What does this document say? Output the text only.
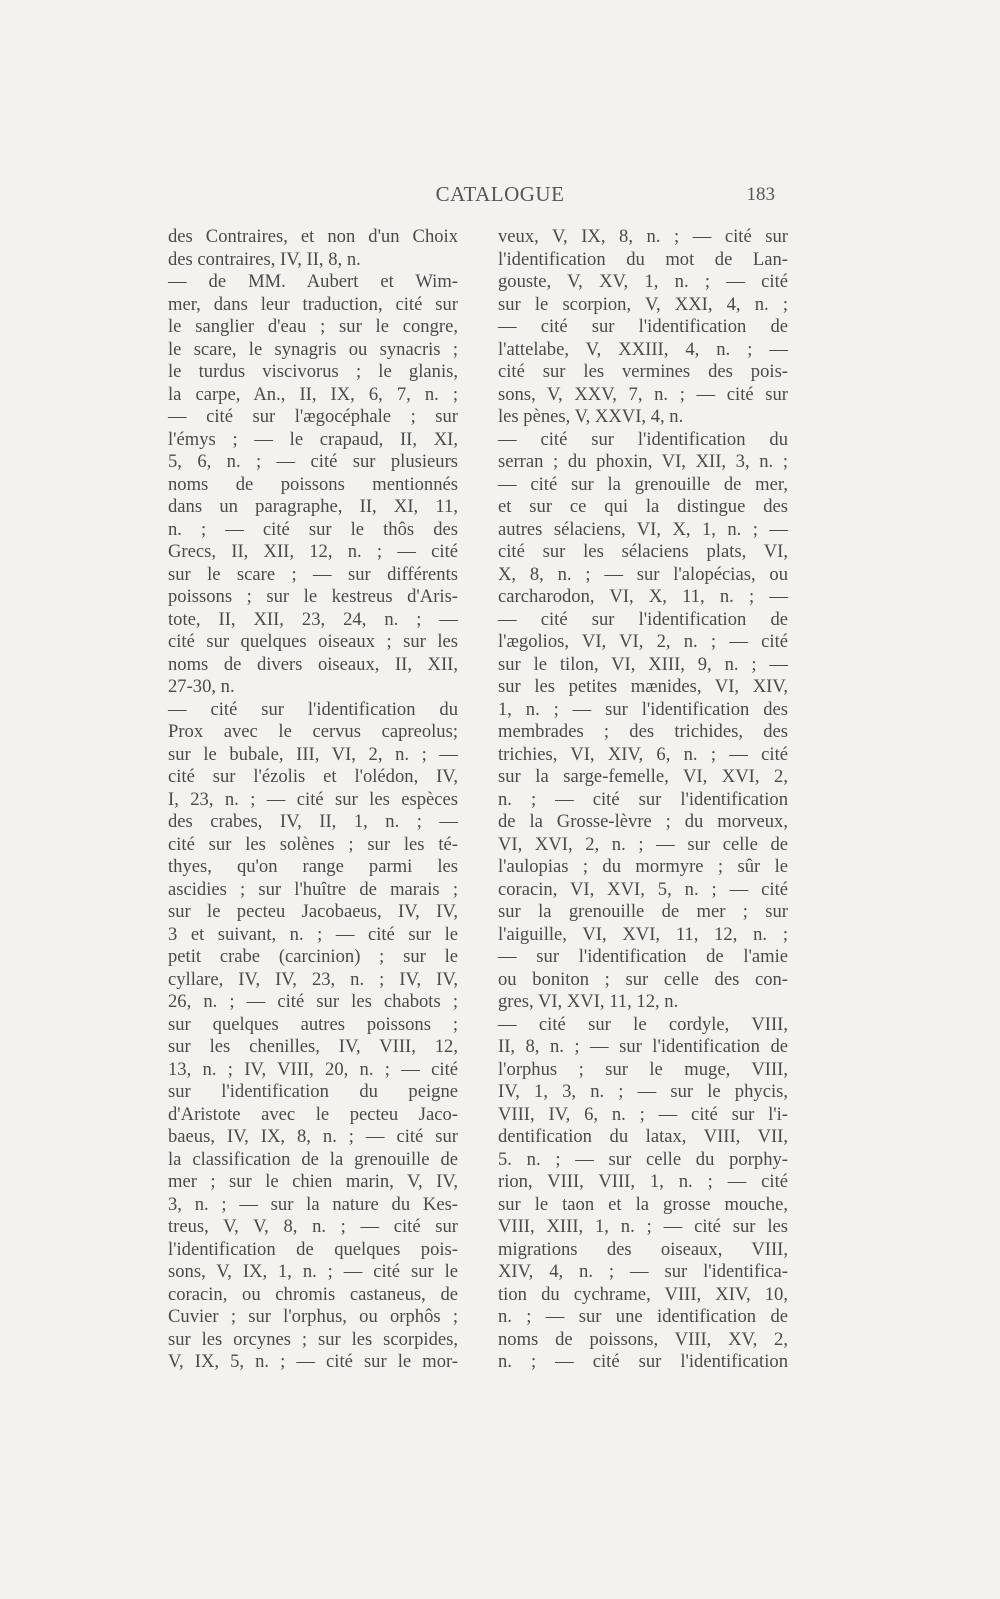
CATALOGUE	183
des Contraires, et non d'un Choix
des contraires, IV, II, 8, n.
— de MM. Aubert et Wim-
mer, dans leur traduction, cité sur
le sanglier d'eau ; sur le congre,
le scare, le synagris ou synacris ;
le turdus viscivorus ; le glanis,
la carpe, An., II, IX, 6, 7, n. ;
— cité sur l'ægocéphale ; sur
l'émys ; — le crapaud, II, XI,
5, 6, n. ; — cité sur plusieurs
noms de poissons mentionnés
dans un paragraphe, II, XI, 11,
n. ; — cité sur le thôs des
Grecs, II, XII, 12, n. ; — cité
sur le scare ; — sur différents
poissons ; sur le kestreus d'Aris-
tote, II, XII, 23, 24, n. ; —
cité sur quelques oiseaux ; sur les
noms de divers oiseaux, II, XII,
27-30, n.
— cité sur l'identification du
Prox avec le cervus capreolus;
sur le bubale, III, VI, 2, n. ; —
cité sur l'ézolis et l'olédon, IV,
I, 23, n. ; — cité sur les espèces
des crabes, IV, II, 1, n. ; —
cité sur les solènes ; sur les té-
thyes, qu'on range parmi les
ascidies ; sur l'huître de marais ;
sur le pecteu Jacobaeus, IV, IV,
3 et suivant, n. ; — cité sur le
petit crabe (carcinion) ; sur le
cyllare, IV, IV, 23, n. ; IV, IV,
26, n. ; — cité sur les chabots ;
sur quelques autres poissons ;
sur les chenilles, IV, VIII, 12,
13, n. ; IV, VIII, 20, n. ; — cité
sur l'identification du peigne
d'Aristote avec le pecteu Jaco-
baeus, IV, IX, 8, n. ; — cité sur
la classification de la grenouille de
mer ; sur le chien marin, V, IV,
3, n. ; — sur la nature du Kes-
treus, V, V, 8, n. ; — cité sur
l'identification de quelques pois-
sons, V, IX, 1, n. ; — cité sur le
coracin, ou chromis castaneus, de
Cuvier ; sur l'orphus, ou orphôs ;
sur les orcynes ; sur les scorpides,
V, IX, 5, n. ; — cité sur le mor-
veux, V, IX, 8, n. ; — cité sur
l'identification du mot de Lan-
gouste, V, XV, 1, n. ; — cité
sur le scorpion, V, XXI, 4, n. ;
— cité sur l'identification de
l'attelabe, V, XXIII, 4, n. ; —
cité sur les vermines des pois-
sons, V, XXV, 7, n. ; — cité sur
les pènes, V, XXVI, 4, n.
— cité sur l'identification du
serran ; du phoxin, VI, XII, 3, n. ;
— cité sur la grenouille de mer,
et sur ce qui la distingue des
autres sélaciens, VI, X, 1, n. ; —
cité sur les sélaciens plats, VI,
X, 8, n. ; — sur l'alopécias, ou
carcharodon, VI, X, 11, n. ; —
— cité sur l'identification de
l'ægolios, VI, VI, 2, n. ; — cité
sur le tilon, VI, XIII, 9, n. ; —
sur les petites mænides, VI, XIV,
1, n. ; — sur l'identification des
membrades ; des trichides, des
trichies, VI, XIV, 6, n. ; — cité
sur la sarge-femelle, VI, XVI, 2,
n. ; — cité sur l'identification
de la Grosse-lèvre ; du morveux,
VI, XVI, 2, n. ; — sur celle de
l'aulopias ; du mormyre ; sûr le
coracin, VI, XVI, 5, n. ; — cité
sur la grenouille de mer ; sur
l'aiguille, VI, XVI, 11, 12, n. ;
— sur l'identification de l'amie
ou boniton ; sur celle des con-
gres, VI, XVI, 11, 12, n.
— cité sur le cordyle, VIII,
II, 8, n. ; — sur l'identification de
l'orphus ; sur le muge, VIII,
IV, 1, 3, n. ; — sur le phycis,
VIII, IV, 6, n. ; — cité sur l'i-
dentification du latax, VIII, VII,
5. n. ; — sur celle du porphy-
rion, VIII, VIII, 1, n. ; — cité
sur le taon et la grosse mouche,
VIII, XIII, 1, n. ; — cité sur les
migrations des oiseaux, VIII,
XIV, 4, n. ; — sur l'identifica-
tion du cychrame, VIII, XIV, 10,
n. ; — sur une identification de
noms de poissons, VIII, XV, 2,
n. ; — cité sur l'identification
